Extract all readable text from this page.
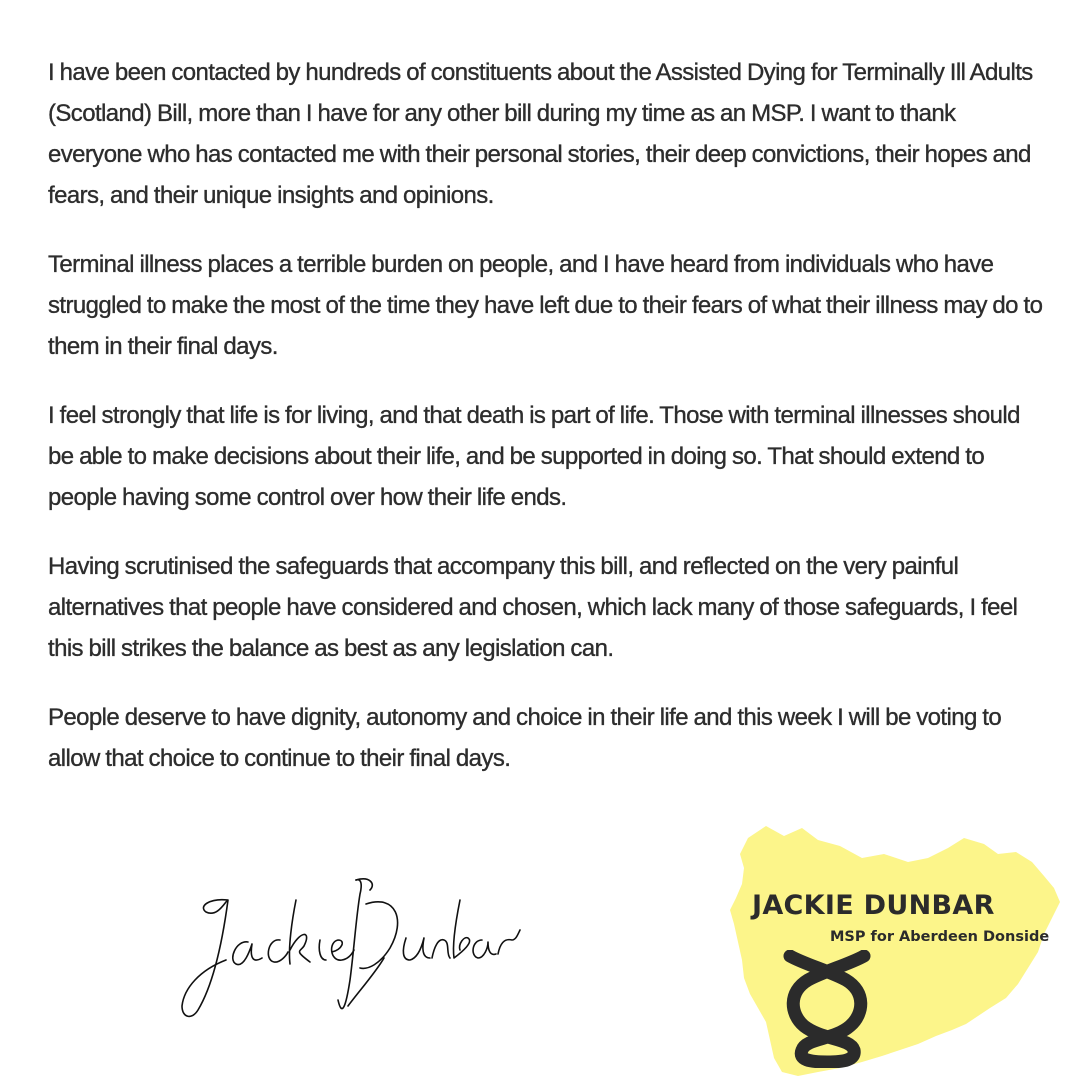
I have been contacted by hundreds of constituents about the Assisted Dying for Terminally Ill Adults (Scotland) Bill, more than I have for any other bill during my time as an MSP. I want to thank everyone who has contacted me with their personal stories, their deep convictions, their hopes and fears, and their unique insights and opinions.

Terminal illness places a terrible burden on people, and I have heard from individuals who have struggled to make the most of the time they have left due to their fears of what their illness may do to them in their final days.

I feel strongly that life is for living, and that death is part of life. Those with terminal illnesses should be able to make decisions about their life, and be supported in doing so. That should extend to people having some control over how their life ends.

Having scrutinised the safeguards that accompany this bill, and reflected on the very painful alternatives that people have considered and chosen, which lack many of those safeguards, I feel this bill strikes the balance as best as any legislation can.

People deserve to have dignity, autonomy and choice in their life and this week I will be voting to allow that choice to continue to their final days.

JACKIE DUNBAR
MSP for Aberdeen Donside
